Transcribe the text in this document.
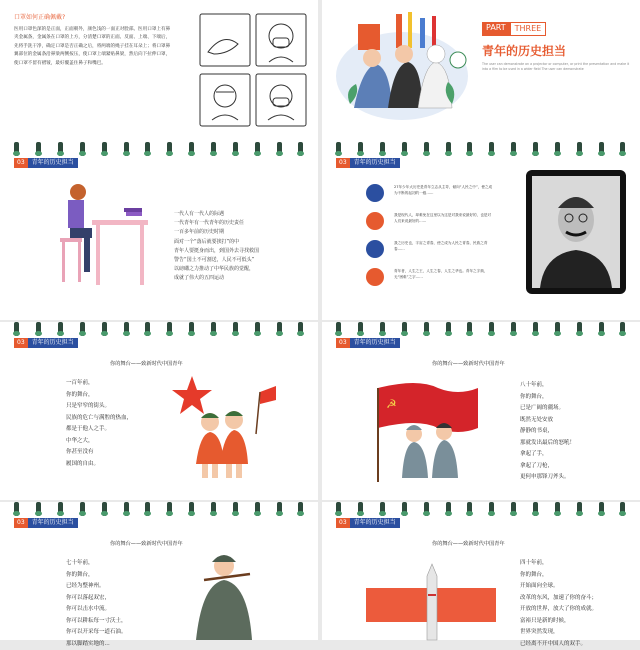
口罩如何正确佩戴?
医用口罩色深的是正面，正面朝外，颜色浅的一面正对脸部。医用口罩上有鼻夹金属条，金属条在口罩的上方，分清楚口罩的正面、反面、上端、下端后，先将手洗干净，确定口罩是否正确之后，将两端的绳子挂在耳朵上；将口罩鼻翼部位的金属条沿鼻梁两侧按压，使口罩上端紧贴鼻梁，然后向下拉伸口罩，使口罩不留有褶皱，最好覆盖住鼻子和嘴巴。
PART	THREE
青年的历史担当
The user can demonstrate on a projector or computer, or print the presentation and make it into a film to be used in a wider field The user can demonstrate
03	青年的历史担当
一代人有一代人的际遇
一代青年有一代青年的历史责任
一百多年前的历史时期
面对一个“落后就要挨打”的中
青年人要挺身而出，到国外去寻找救国
警告“国土不可割送，人民不可低头”
以磅礴之力推动了中华民族的觉醒，
成就了伟大的五四运动
03	青年的历史担当
27年少年大历史是青年立志从主导，倾向“人民之中”，使之成为不断的起初的一级……
我是现代人，却难免在这里以为这是对我来说最好的，也是对人们来说最好的……
我之历史也，宇宙之青春，使之成为人民之青春，民族之青春……
青年者，人生之王，人生之春，人生之华也。青年之字典，无“困难”之字……
03	青年的历史担当
你的舞台——致新时代中国青年
一百年前，
你的舞台，
只是窄窄的街头。
民族的危亡与满腔的热血，
都是于他人之手。
中华之大，
你甚至没有
履国的自由。
03	青年的历史担当
你的舞台——致新时代中国青年
☭
八十年前，
你的舞台，
已是广阔的疆场。
既然无处安放
静静的书桌，
那就发出最后的怒吼！
拿起了手，
拿起了刀枪，
更何申那锋刀斧头。
03	青年的历史担当
你的舞台——致新时代中国青年
七十年前，
你的舞台，
已经为整神州。
你可以落起双宏，
你可以击水中流。
你可以耕耘每一寸沃土，
你可以开采每一道石油。
那以脚踏实地的...
03	青年的历史担当
你的舞台——致新时代中国青年
四十年前，
你的舞台，
开始面向全球。
改革的东风，加速了你的奋斗；
开放的世界，放大了你的成就。
富裕只是新的时候，
世界突然发现，
已经离不开中国人的双手。
